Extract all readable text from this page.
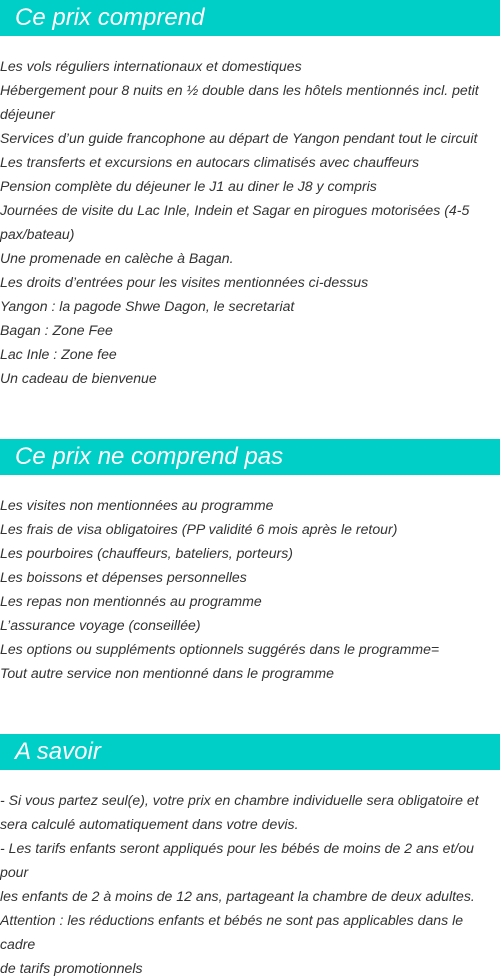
Ce prix comprend
Les vols réguliers internationaux et domestiques
Hébergement pour 8 nuits en ½ double dans les hôtels mentionnés incl. petit
déjeuner
Services d’un guide francophone au départ de Yangon pendant tout le circuit
Les transferts et excursions en autocars climatisés avec chauffeurs
Pension complète du déjeuner le J1 au diner le J8 y compris
Journées de visite du Lac Inle, Indein et Sagar en pirogues motorisées (4-5
pax/bateau)
Une promenade en calèche à Bagan.
Les droits d’entrées pour les visites mentionnées ci-dessus
Yangon : la pagode Shwe Dagon, le secretariat
Bagan : Zone Fee
Lac Inle : Zone fee
Un cadeau de bienvenue
Ce prix ne comprend pas
Les visites non mentionnées au programme
Les frais de visa obligatoires (PP validité 6 mois après le retour)
Les pourboires (chauffeurs, bateliers, porteurs)
Les boissons et dépenses personnelles
Les repas non mentionnés au programme
L’assurance voyage (conseillée)
Les options ou suppléments optionnels suggérés dans le programme=
Tout autre service non mentionné dans le programme
A savoir
- Si vous partez seul(e), votre prix en chambre individuelle sera obligatoire et
sera calculé automatiquement dans votre devis.
- Les tarifs enfants seront appliqués pour les bébés de moins de 2 ans et/ou pour
les enfants de 2 à moins de 12 ans, partageant la chambre de deux adultes.
Attention : les réductions enfants et bébés ne sont pas applicables dans le cadre
de tarifs promotionnels
